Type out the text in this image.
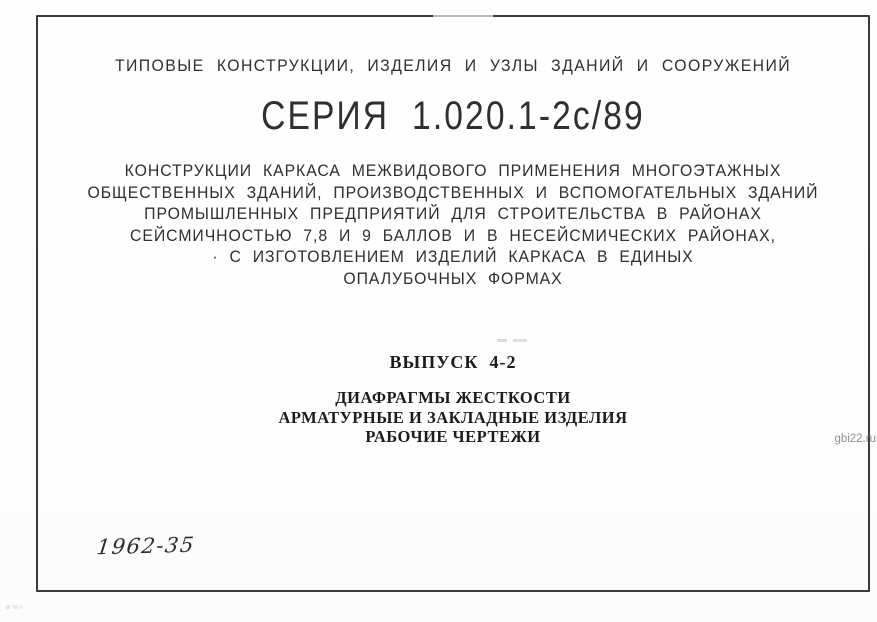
ТИПОВЫЕ КОНСТРУКЦИИ, ИЗДЕЛИЯ И УЗЛЫ ЗДАНИЙ И СООРУЖЕНИЙ
СЕРИЯ  1.020.1-2с/89
КОНСТРУКЦИИ КАРКАСА МЕЖВИДОВОГО ПРИМЕНЕНИЯ МНОГОЭТАЖНЫХ
ОБЩЕСТВЕННЫХ ЗДАНИЙ, ПРОИЗВОДСТВЕННЫХ И ВСПОМОГАТЕЛЬНЫХ ЗДАНИЙ
ПРОМЫШЛЕННЫХ ПРЕДПРИЯТИЙ ДЛЯ СТРОИТЕЛЬСТВА В РАЙОНАХ
СЕЙСМИЧНОСТЬЮ 7,8 И 9 БАЛЛОВ И В НЕСЕЙСМИЧЕСКИХ РАЙОНАХ,
· С ИЗГОТОВЛЕНИЕМ ИЗДЕЛИЙ КАРКАСА В ЕДИНЫХ
ОПАЛУБОЧНЫХ ФОРМАХ
ВЫПУСК  4-2
ДИАФРАГМЫ ЖЕСТКОСТИ
АРМАТУРНЫЕ И ЗАКЛАДНЫЕ ИЗДЕЛИЯ
РАБОЧИЕ ЧЕРТЕЖИ	gbi22.ru
1962-35
